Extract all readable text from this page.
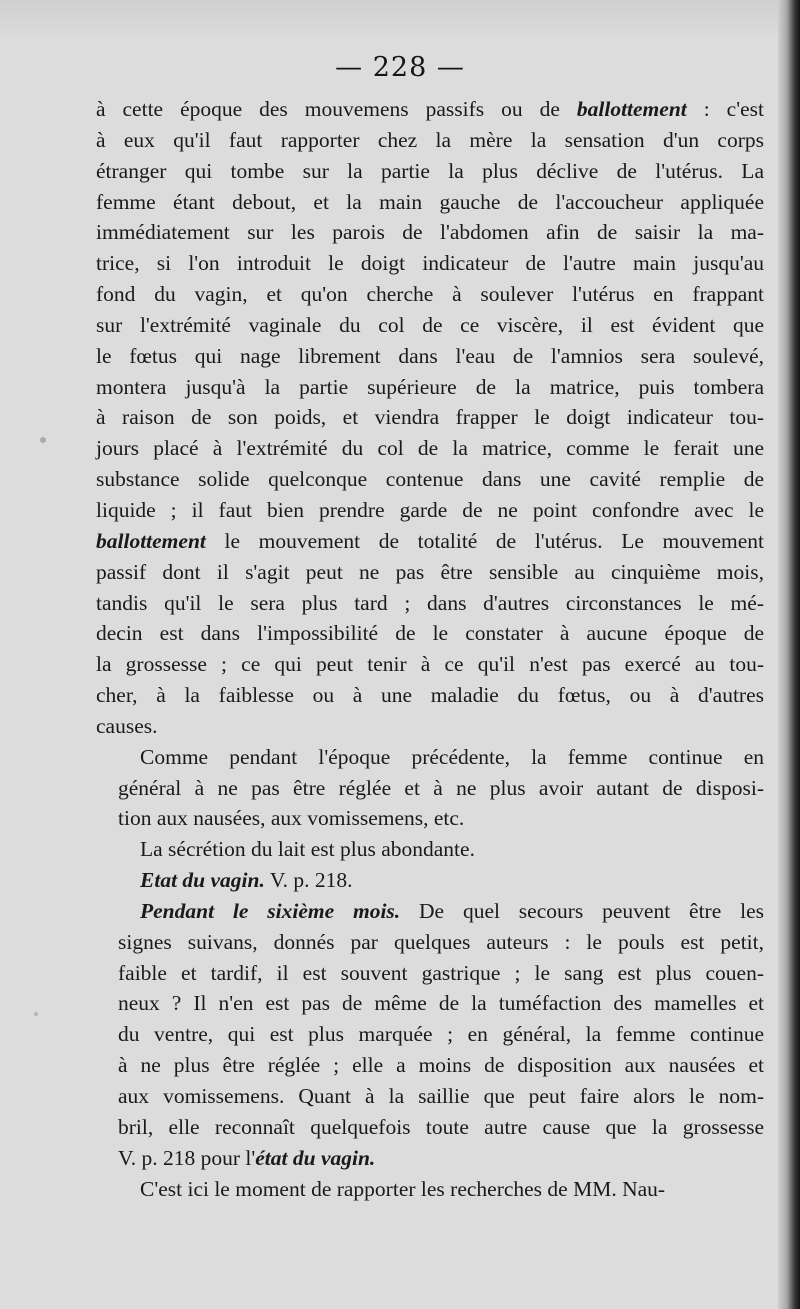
— 228 —

à cette époque des mouvemens passifs ou de ballottement : c'est
à eux qu'il faut rapporter chez la mère la sensation d'un corps
étranger qui tombe sur la partie la plus déclive de l'utérus. La
femme étant debout, et la main gauche de l'accoucheur appliquée
immédiatement sur les parois de l'abdomen afin de saisir la ma-
trice, si l'on introduit le doigt indicateur de l'autre main jusqu'au
fond du vagin, et qu'on cherche à soulever l'utérus en frappant
sur l'extrémité vaginale du col de ce viscère, il est évident que
le fœtus qui nage librement dans l'eau de l'amnios sera soulevé,
montera jusqu'à la partie supérieure de la matrice, puis tombera
à raison de son poids, et viendra frapper le doigt indicateur tou-
jours placé à l'extrémité du col de la matrice, comme le ferait une
substance solide quelconque contenue dans une cavité remplie de
liquide ; il faut bien prendre garde de ne point confondre avec le
ballottement le mouvement de totalité de l'utérus. Le mouvement
passif dont il s'agit peut ne pas être sensible au cinquième mois,
tandis qu'il le sera plus tard ; dans d'autres circonstances le mé-
decin est dans l'impossibilité de le constater à aucune époque de
la grossesse ; ce qui peut tenir à ce qu'il n'est pas exercé au tou-
cher, à la faiblesse ou à une maladie du fœtus, ou à d'autres
causes.
Comme pendant l'époque précédente, la femme continue en
général à ne pas être réglée et à ne plus avoir autant de disposi-
tion aux nausées, aux vomissemens, etc.
La sécrétion du lait est plus abondante.
Etat du vagin. V. p. 218.
Pendant le sixième mois. De quel secours peuvent être les
signes suivans, donnés par quelques auteurs : le pouls est petit,
faible et tardif, il est souvent gastrique ; le sang est plus couen-
neux ? Il n'en est pas de même de la tuméfaction des mamelles et
du ventre, qui est plus marquée ; en général, la femme continue
à ne plus être réglée ; elle a moins de disposition aux nausées et
aux vomissemens. Quant à la saillie que peut faire alors le nom-
bril, elle reconnaît quelquefois toute autre cause que la grossesse
V. p. 218 pour l'état du vagin.
C'est ici le moment de rapporter les recherches de MM. Nau-
